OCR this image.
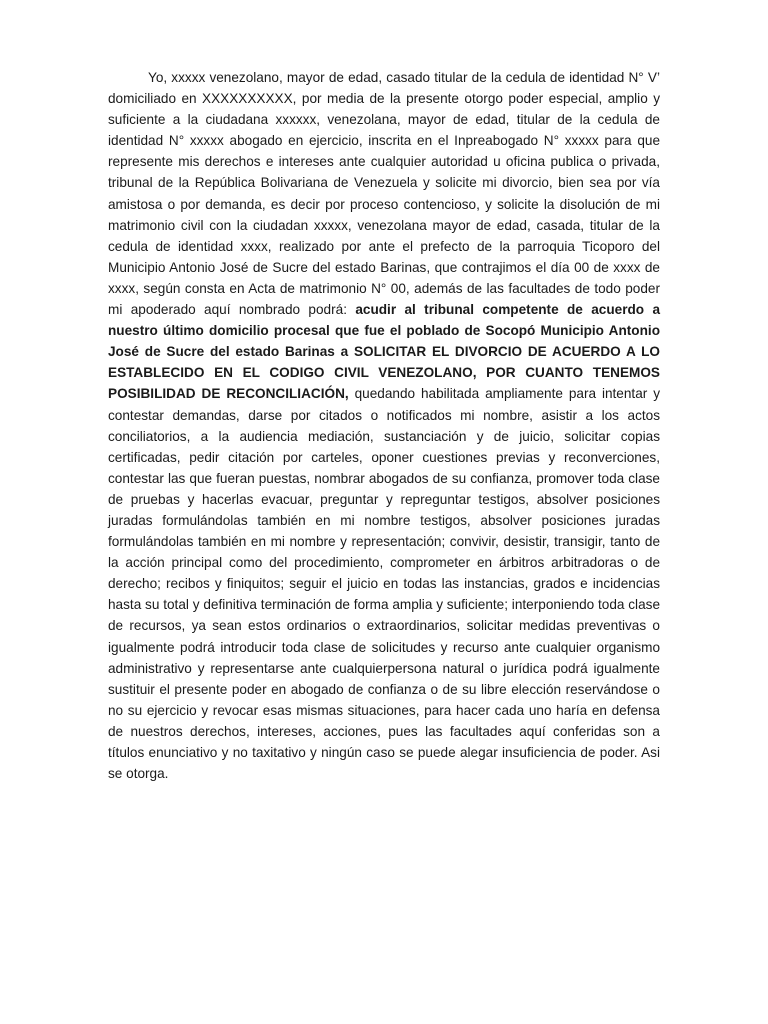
Yo, xxxxx venezolano, mayor de edad, casado titular de la cedula de identidad N° V’ domiciliado en XXXXXXXXXX, por media de la presente otorgo poder especial, amplio y suficiente a la ciudadana xxxxxx, venezolana, mayor de edad, titular de la cedula de identidad N° xxxxx abogado en ejercicio, inscrita en el Inpreabogado N° xxxxx para que represente mis derechos e intereses ante cualquier autoridad u oficina publica o privada, tribunal de la República Bolivariana de Venezuela y solicite mi divorcio, bien sea por vía amistosa o por demanda, es decir por proceso contencioso, y solicite la disolución de mi matrimonio civil con la ciudadan xxxxx, venezolana mayor de edad, casada, titular de la cedula de identidad xxxx, realizado por ante el prefecto de la parroquia Ticoporo del Municipio Antonio José de Sucre del estado Barinas, que contrajimos el día 00 de xxxx de xxxx, según consta en Acta de matrimonio N° 00, además de las facultades de todo poder mi apoderado aquí nombrado podrá: acudir al tribunal competente de acuerdo a nuestro último domicilio procesal que fue el poblado de Socopó Municipio Antonio José de Sucre del estado Barinas a SOLICITAR EL DIVORCIO DE ACUERDO A LO ESTABLECIDO EN EL CODIGO CIVIL VENEZOLANO, POR CUANTO TENEMOS POSIBILIDAD DE RECONCILIACIÓN, quedando habilitada ampliamente para intentar y contestar demandas, darse por citados o notificados mi nombre, asistir a los actos conciliatorios, a la audiencia mediación, sustanciación y de juicio, solicitar copias certificadas, pedir citación por carteles, oponer cuestiones previas y reconverciones, contestar las que fueran puestas, nombrar abogados de su confianza, promover toda clase de pruebas y hacerlas evacuar, preguntar y repreguntar testigos, absolver posiciones juradas formulándolas también en mi nombre testigos, absolver posiciones juradas formulándolas también en mi nombre y representación; convivir, desistir, transigir, tanto de la acción principal como del procedimiento, comprometer en árbitros arbitradoras o de derecho; recibos y finiquitos; seguir el juicio en todas las instancias, grados e incidencias hasta su total y definitiva terminación de forma amplia y suficiente; interponiendo toda clase de recursos, ya sean estos ordinarios o extraordinarios, solicitar medidas preventivas o igualmente podrá introducir toda clase de solicitudes y recurso ante cualquier organismo administrativo y representarse ante cualquierpersona natural o jurídica podrá igualmente sustituir el presente poder en abogado de confianza o de su libre elección reservándose o no su ejercicio y revocar esas mismas situaciones, para hacer cada uno haría en defensa de nuestros derechos, intereses, acciones, pues las facultades aquí conferidas son a títulos enunciativo y no taxitativo y ningún caso se puede alegar insuficiencia de poder. Asi se otorga.
